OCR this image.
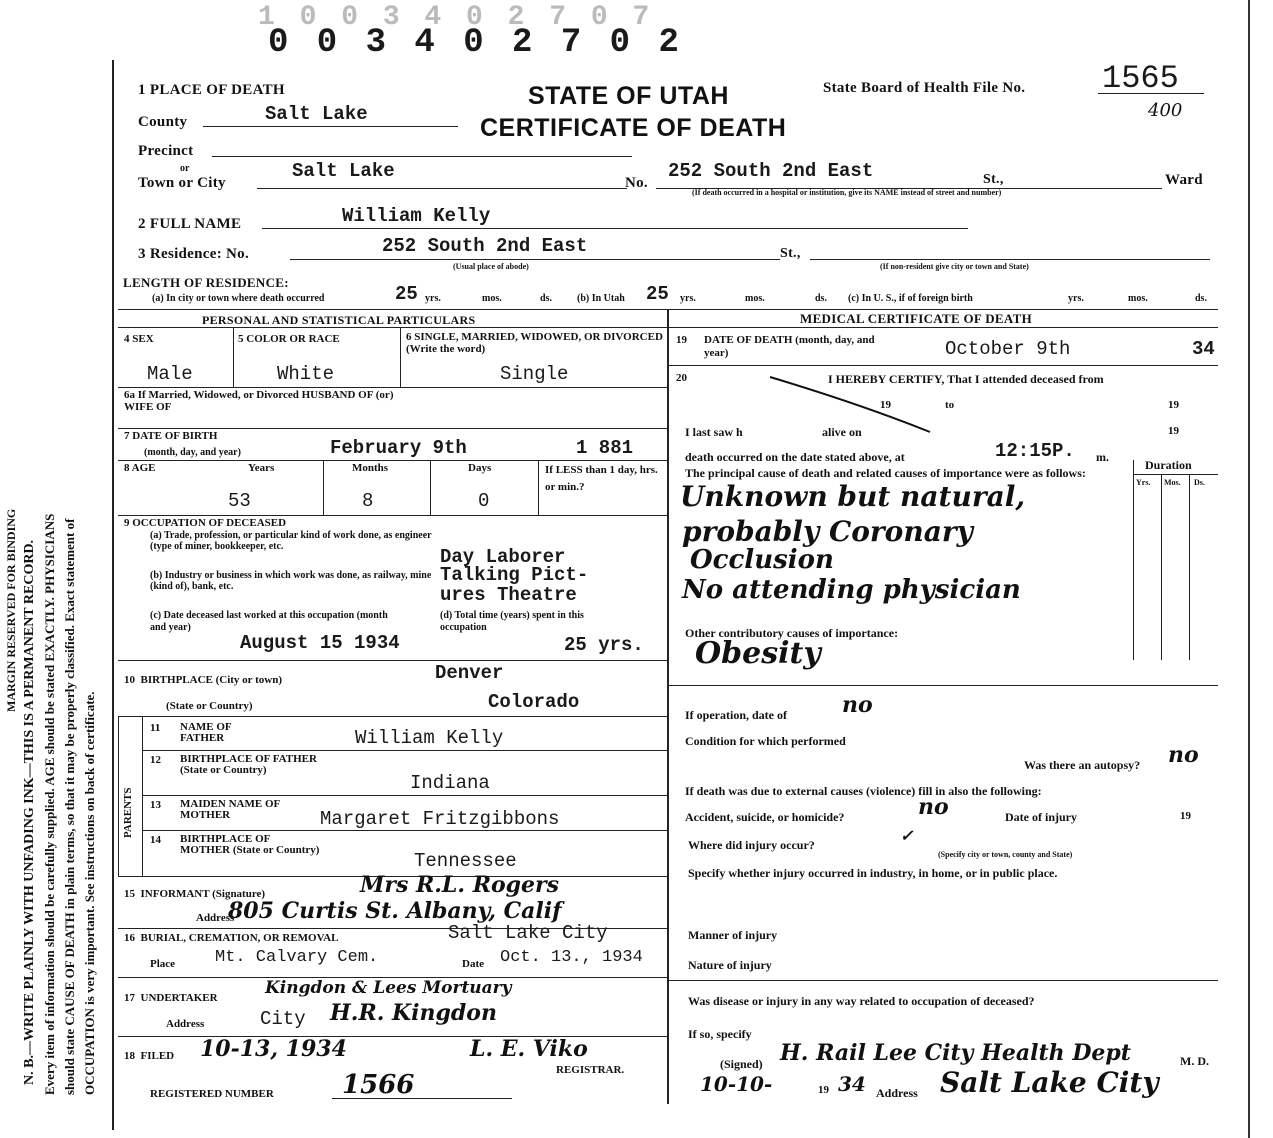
1 0 0 3 4 0 2 7 0 7
0 0 3 4 0 2 7 0 2
MARGIN RESERVED FOR BINDING N. B.—WRITE PLAINLY WITH UNFADING INK—THIS IS A PERMANENT RECORD. Every item of information should be carefully supplied. AGE should be stated EXACTLY. PHYSICIANS should state CAUSE OF DEATH in plain terms, so that it may be properly classified. Exact statement of OCCUPATION is very important. See instructions on back of certificate.
1 PLACE OF DEATH	STATE OF UTAH
CERTIFICATE OF DEATH
State Board of Health File No. 1565
400
County	Salt Lake
Precinct
or
Town or City
Salt Lake
No.
252 South 2nd East	St.,	Ward
(If death occurred in a hospital or institution, give its NAME instead of street and number)
2 FULL NAME	William Kelly
3 Residence: No.	252 South 2nd East	St.,
(Usual place of abode)	(If non-resident give city or town and State)
LENGTH OF RESIDENCE:
(a) In city or town where death occurred	25 yrs.	mos.	ds.	(b) In Utah 25 yrs.	mos.	ds. (c) In U. S., if of foreign birth	yrs.	mos.	ds.
PERSONAL AND STATISTICAL PARTICULARS
4 SEX	5 COLOR OR RACE	6 SINGLE, MARRIED, WIDOWED, OR DIVORCED (Write the word)
Male	White	Single
6a If Married, Widowed, or Divorced HUSBAND OF (or) WIFE OF
7 DATE OF BIRTH
(month, day, and year)	February 9th	1 881
8 AGE	Years	Months	Days	If LESS than 1 day, hrs. or min.?
53	8	0
9 OCCUPATION OF DECEASED
(a) Trade, profession, or particular kind of work done, as engineer (type of miner, bookkeeper, etc.	Day Laborer
(b) Industry or business in which work was done, as railway, mine (kind of), bank, etc.
Talking Pict-
ures Theatre
(c) Date deceased last worked at this occupation (month and year)
August 15 1934
(d) Total time (years) spent in this occupation
25 yrs.
10  BIRTHPLACE (City or town)	Denver
(State or Country)	Colorado
PARENTS
11 NAME OF FATHER	William Kelly
12 BIRTHPLACE OF FATHER (State or Country)
Indiana
13 MAIDEN NAME OF MOTHER	Margaret Fritzgibbons
14 BIRTHPLACE OF MOTHER (State or Country)	Tennessee
15  INFORMANT (Signature)	Mrs R.L. Rogers
Address
805 Curtis St. Albany, Calif
16  BURIAL, CREMATION, OR REMOVAL	Salt Lake City
Place Mt. Calvary Cem.	Date Oct. 13., 1934
17  UNDERTAKER	Kingdon & Lees Mortuary
Address	City H.R. Kingdon
18  FILED 10-13, 1934	L. E. Viko
REGISTRAR.
REGISTERED NUMBER	1566
MEDICAL CERTIFICATE OF DEATH
19 DATE OF DEATH (month, day, and year)	October 9th	34
20	I HEREBY CERTIFY, That I attended deceased from
19	to	19
I last saw h	alive on	19
death occurred on the date stated above, at	12:15P. m.
The principal cause of death and related causes of importance were as follows:
Duration
Yrs. Mos. Ds.
Unknown but natural,
probably Coronary
Occlusion
No attending physician
Other contributory causes of importance:
Obesity
If operation, date of	no
Condition for which performed
Was there an autopsy? no
If death was due to external causes (violence) fill in also the following:
Accident, suicide, or homicide?	no	Date of injury	19
Where did injury occur?	✓
(Specify city or town, county and State)
Specify whether injury occurred in industry, in home, or in public place.
Manner of injury
Nature of injury
Was disease or injury in any way related to occupation of deceased?
If so, specify
(Signed) H. Rail Lee City Health Dept	M. D.
10-10-	19 34 Address Salt Lake City
